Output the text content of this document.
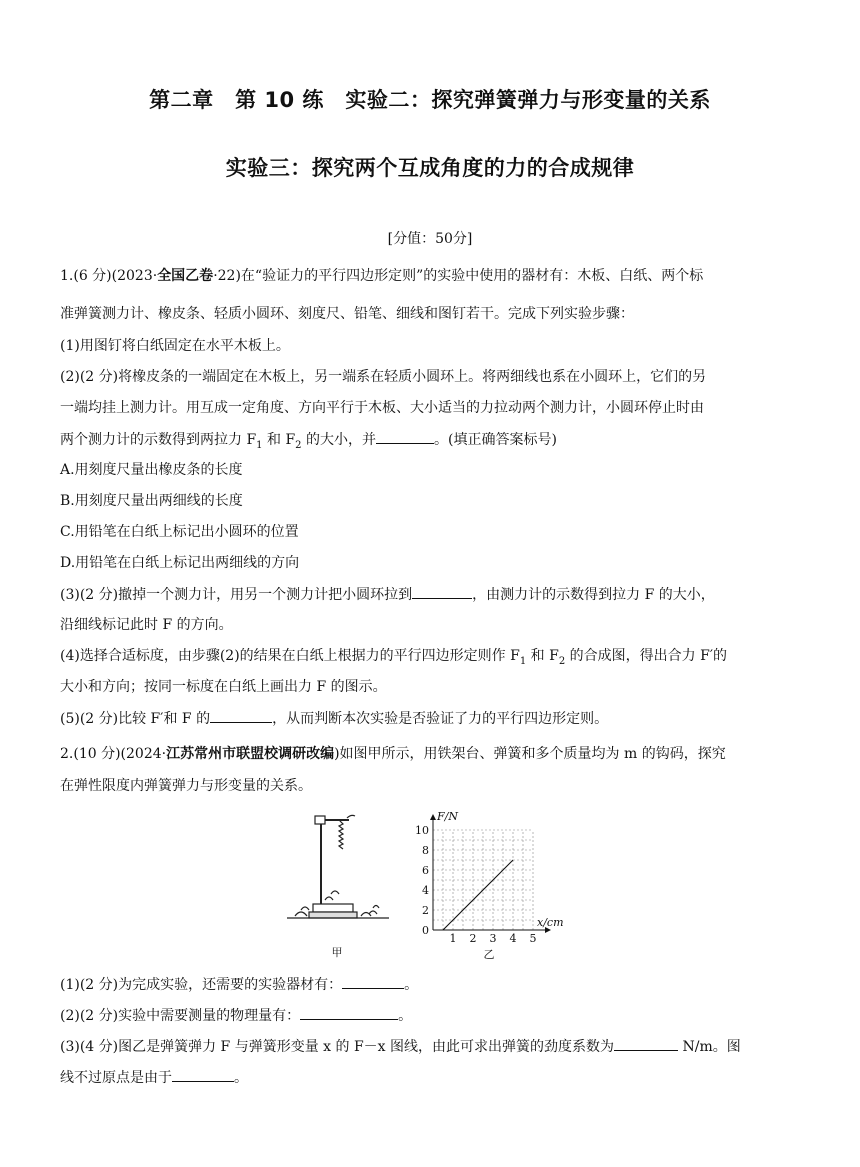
第二章　第 10 练　实验二：探究弹簧弹力与形变量的关系
实验三：探究两个互成角度的力的合成规律
[分值：50分]
1.(6 分)(2023·全国乙卷·22)在“验证力的平行四边形定则”的实验中使用的器材有：木板、白纸、两个标
准弹簧测力计、橡皮条、轻质小圆环、刻度尺、铅笔、细线和图钉若干。完成下列实验步骤：
(1)用图钉将白纸固定在水平木板上。
(2)(2 分)将橡皮条的一端固定在木板上，另一端系在轻质小圆环上。将两细线也系在小圆环上，它们的另
一端均挂上测力计。用互成一定角度、方向平行于木板、大小适当的力拉动两个测力计，小圆环停止时由
两个测力计的示数得到两拉力 $F_1$ 和 $F_2$ 的大小，并	。(填正确答案标号)
A.用刻度尺量出橡皮条的长度
B.用刻度尺量出两细线的长度
C.用铅笔在白纸上标记出小圆环的位置
D.用铅笔在白纸上标记出两细线的方向
(3)(2 分)撤掉一个测力计，用另一个测力计把小圆环拉到	，由测力计的示数得到拉力 F 的大小，
沿细线标记此时 F 的方向。
(4)选择合适标度，由步骤(2)的结果在白纸上根据力的平行四边形定则作 $F_1$ 和 $F_2$ 的合成图，得出合力 F′的
大小和方向；按同一标度在白纸上画出力 F 的图示。
(5)(2 分)比较 F′和 F 的	，从而判断本次实验是否验证了力的平行四边形定则。
2.(10 分)(2024·江苏常州市联盟校调研改编)如图甲所示，用铁架台、弹簧和多个质量均为 m 的钩码，探究
在弹性限度内弹簧弹力与形变量的关系。
甲
1 2 3 4 5
0
2
4
6
8
10
x/cm
F/N
乙
(1)(2 分)为完成实验，还需要的实验器材有：	。
(2)(2 分)实验中需要测量的物理量有：	。
(3)(4 分)图乙是弹簧弹力 F 与弹簧形变量 x 的 F－x 图线，由此可求出弹簧的劲度系数为	N/m。图
线不过原点是由于	。
